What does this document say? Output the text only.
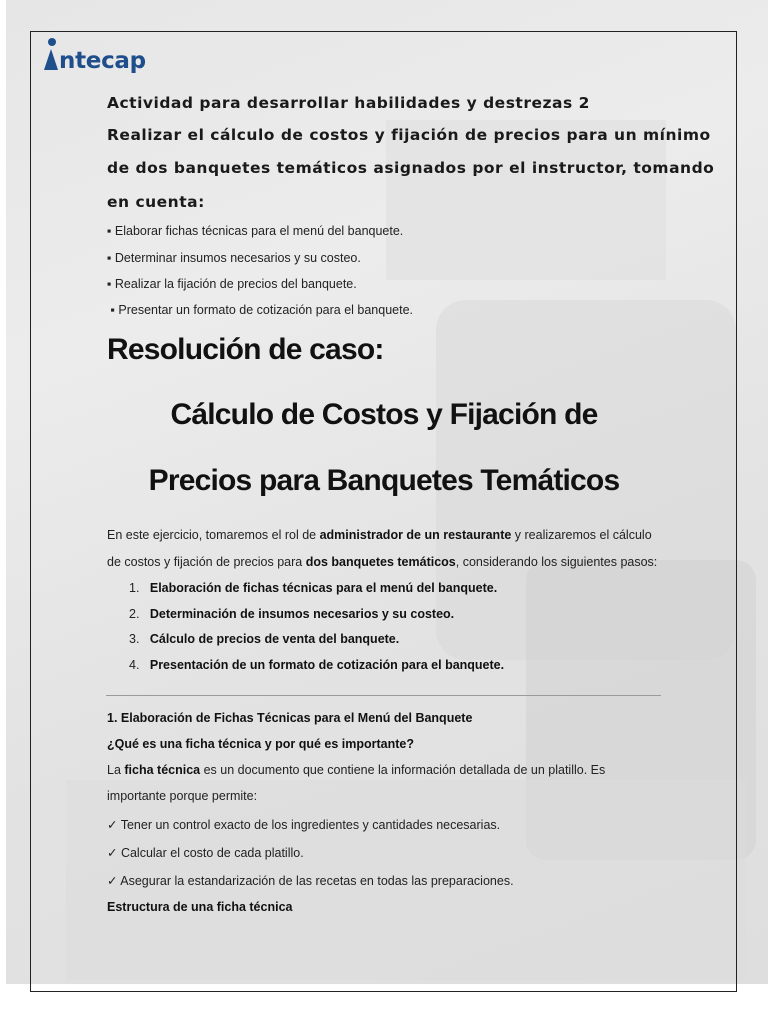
ntecap
Actividad para desarrollar habilidades y destrezas 2
Realizar el cálculo de costos y fijación de precios para un mínimo
de dos banquetes temáticos asignados por el instructor, tomando
en cuenta:
▪ Elaborar fichas técnicas para el menú del banquete.
▪ Determinar insumos necesarios y su costeo.
▪ Realizar la fijación de precios del banquete.
▪ Presentar un formato de cotización para el banquete.
Resolución de caso:
Cálculo de Costos y Fijación de
Precios para Banquetes Temáticos
En este ejercicio, tomaremos el rol de administrador de un restaurante y realizaremos el cálculo
de costos y fijación de precios para dos banquetes temáticos, considerando los siguientes pasos:
1. Elaboración de fichas técnicas para el menú del banquete.
2. Determinación de insumos necesarios y su costeo.
3. Cálculo de precios de venta del banquete.
4. Presentación de un formato de cotización para el banquete.
1. Elaboración de Fichas Técnicas para el Menú del Banquete
¿Qué es una ficha técnica y por qué es importante?
La ficha técnica es un documento que contiene la información detallada de un platillo. Es
importante porque permite:
✓ Tener un control exacto de los ingredientes y cantidades necesarias.
✓ Calcular el costo de cada platillo.
✓ Asegurar la estandarización de las recetas en todas las preparaciones.
Estructura de una ficha técnica
